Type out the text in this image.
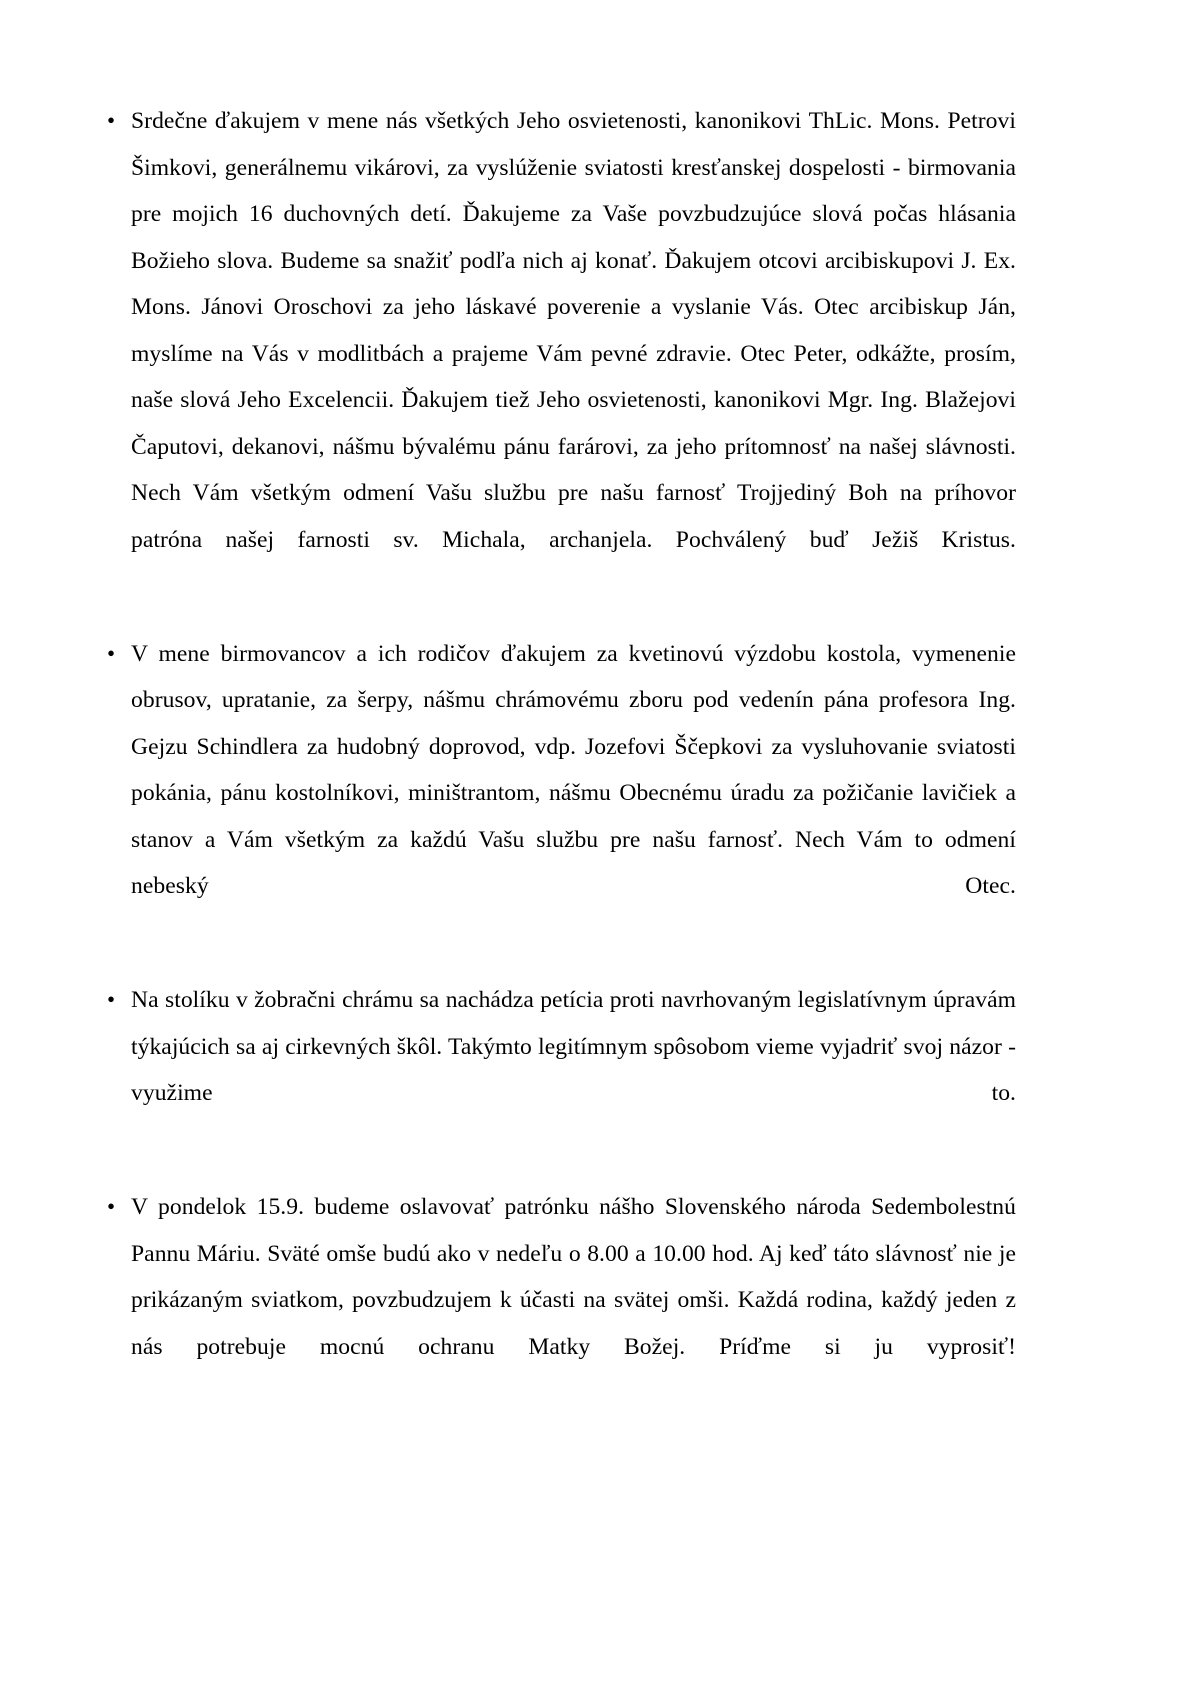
• Srdečne ďakujem v mene nás všetkých Jeho osvietenosti, kanonikovi ThLic. Mons. Petrovi Šimkovi, generálnemu vikárovi, za vyslúženie sviatosti kresťanskej dospelosti - birmovania pre mojich 16 duchovných detí. Ďakujeme za Vaše povzbudzujúce slová počas hlásania Božieho slova. Budeme sa snažiť podľa nich aj konať. Ďakujem otcovi arcibiskupovi J. Ex. Mons. Jánovi Oroschovi za jeho láskavé poverenie a vyslanie Vás. Otec arcibiskup Ján, myslíme na Vás v modlitbách a prajeme Vám pevné zdravie. Otec Peter, odkážte, prosím, naše slová Jeho Excelencii. Ďakujem tiež Jeho osvietenosti, kanonikovi Mgr. Ing. Blažejovi Čaputovi, dekanovi, nášmu bývalému pánu farárovi, za jeho prítomnosť na našej slávnosti. Nech Vám všetkým odmení Vašu službu pre našu farnosť Trojjediný Boh na príhovor patróna našej farnosti sv. Michala, archanjela. Pochválený buď Ježiš Kristus.
• V mene birmovancov a ich rodičov ďakujem za kvetinovú výzdobu kostola, vymenenie obrusov, upratanie, za šerpy, nášmu chrámovému zboru pod vedenín pána profesora Ing. Gejzu Schindlera za hudobný doprovod, vdp. Jozefovi Ščepkovi za vysluhovanie sviatosti pokánia, pánu kostolníkovi, miništrantom, nášmu Obecnému úradu za požičanie lavičiek a stanov a Vám všetkým za každú Vašu službu pre našu farnosť. Nech Vám to odmení nebeský Otec.
• Na stolíku v žobračni chrámu sa nachádza petícia proti navrhovaným legislatívnym úpravám týkajúcich sa aj cirkevných škôl. Takýmto legitímnym spôsobom vieme vyjadriť svoj názor - využime to.
• V pondelok 15.9. budeme oslavovať patrónku nášho Slovenského národa Sedembolestnú Pannu Máriu. Sväté omše budú ako v nedeľu o 8.00 a 10.00 hod. Aj keď táto slávnosť nie je prikázaným sviatkom, povzbudzujem k účasti na svätej omši. Každá rodina, každý jeden z nás potrebuje mocnú ochranu Matky Božej. Príďme si ju vyprosiť!
